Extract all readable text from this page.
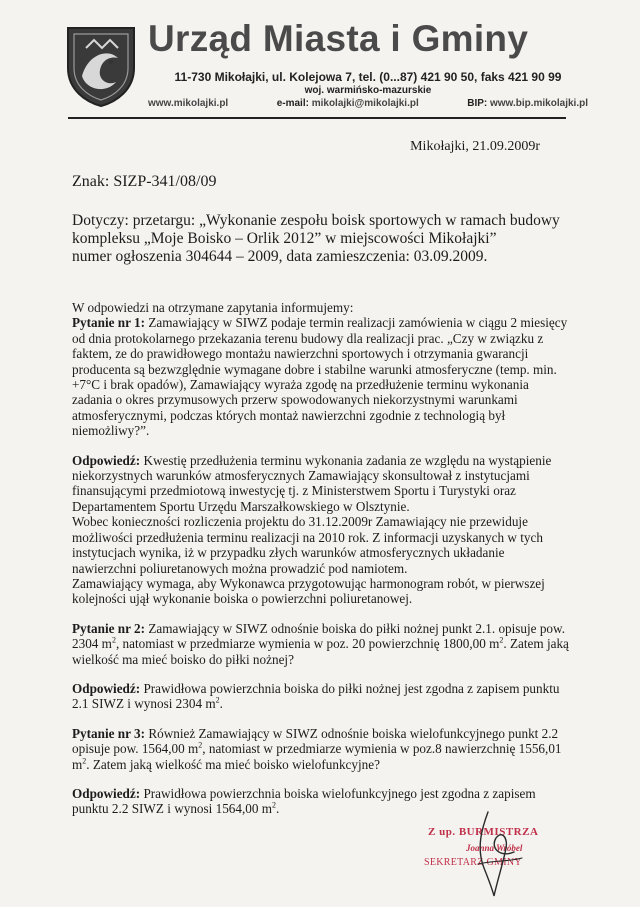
Urząd Miasta i Gminy
11-730 Mikołajki, ul. Kolejowa 7, tel. (0...87) 421 90 50, faks 421 90 99
woj. warmińsko-mazurskie
www.mikolajki.pl	e-mail: mikolajki@mikolajki.pl	BIP: www.bip.mikolajki.pl
Mikołajki, 21.09.2009r
Znak: SIZP-341/08/09
Dotyczy: przetargu: „Wykonanie zespołu boisk sportowych w ramach budowy
kompleksu „Moje Boisko – Orlik 2012” w miejscowości Mikołajki”
numer ogłoszenia 304644 – 2009, data zamieszczenia: 03.09.2009.
W odpowiedzi na otrzymane zapytania informujemy:
Pytanie nr 1: Zamawiający w SIWZ podaje termin realizacji zamówienia w ciągu 2 miesięcy
od dnia protokolarnego przekazania terenu budowy dla realizacji prac. „Czy w związku z
faktem, ze do prawidłowego montażu nawierzchni sportowych i otrzymania gwarancji
producenta są bezwzględnie wymagane dobre i stabilne warunki atmosferyczne (temp. min.
+7°C i brak opadów), Zamawiający wyraża zgodę na przedłużenie terminu wykonania
zadania o okres przymusowych przerw spowodowanych niekorzystnymi warunkami
atmosferycznymi, podczas których montaż nawierzchni zgodnie z technologią był
niemożliwy?”.
Odpowiedź: Kwestię przedłużenia terminu wykonania zadania ze względu na wystąpienie
niekorzystnych warunków atmosferycznych Zamawiający skonsultował z instytucjami
finansującymi przedmiotową inwestycję tj. z Ministerstwem Sportu i Turystyki oraz
Departamentem Sportu Urzędu Marszałkowskiego w Olsztynie.
Wobec konieczności rozliczenia projektu do 31.12.2009r Zamawiający nie przewiduje
możliwości przedłużenia terminu realizacji na 2010 rok. Z informacji uzyskanych w tych
instytucjach wynika, iż w przypadku złych warunków atmosferycznych układanie
nawierzchni poliuretanowych można prowadzić pod namiotem.
Zamawiający wymaga, aby Wykonawca przygotowując harmonogram robót, w pierwszej
kolejności ujął wykonanie boiska o powierzchni poliuretanowej.
Pytanie nr 2: Zamawiający w SIWZ odnośnie boiska do piłki nożnej punkt 2.1. opisuje pow.
2304 $m^2$, natomiast w przedmiarze wymienia w poz. 20 powierzchnię 1800,00 $m^2$. Zatem jaką
wielkość ma mieć boisko do piłki nożnej?
Odpowiedź: Prawidłowa powierzchnia boiska do piłki nożnej jest zgodna z zapisem punktu
2.1 SIWZ i wynosi 2304 $m^2$.
Pytanie nr 3: Również Zamawiający w SIWZ odnośnie boiska wielofunkcyjnego punkt 2.2
opisuje pow. 1564,00 $m^2$, natomiast w przedmiarze wymienia w poz.8 nawierzchnię 1556,01
$m^2$. Zatem jaką wielkość ma mieć boisko wielofunkcyjne?
Odpowiedź: Prawidłowa powierzchnia boiska wielofunkcyjnego jest zgodna z zapisem
punktu 2.2 SIWZ i wynosi 1564,00 $m^2$.
Z up. BURMISTRZA
Joanna Wróbel
SEKRETARZ GMINY
